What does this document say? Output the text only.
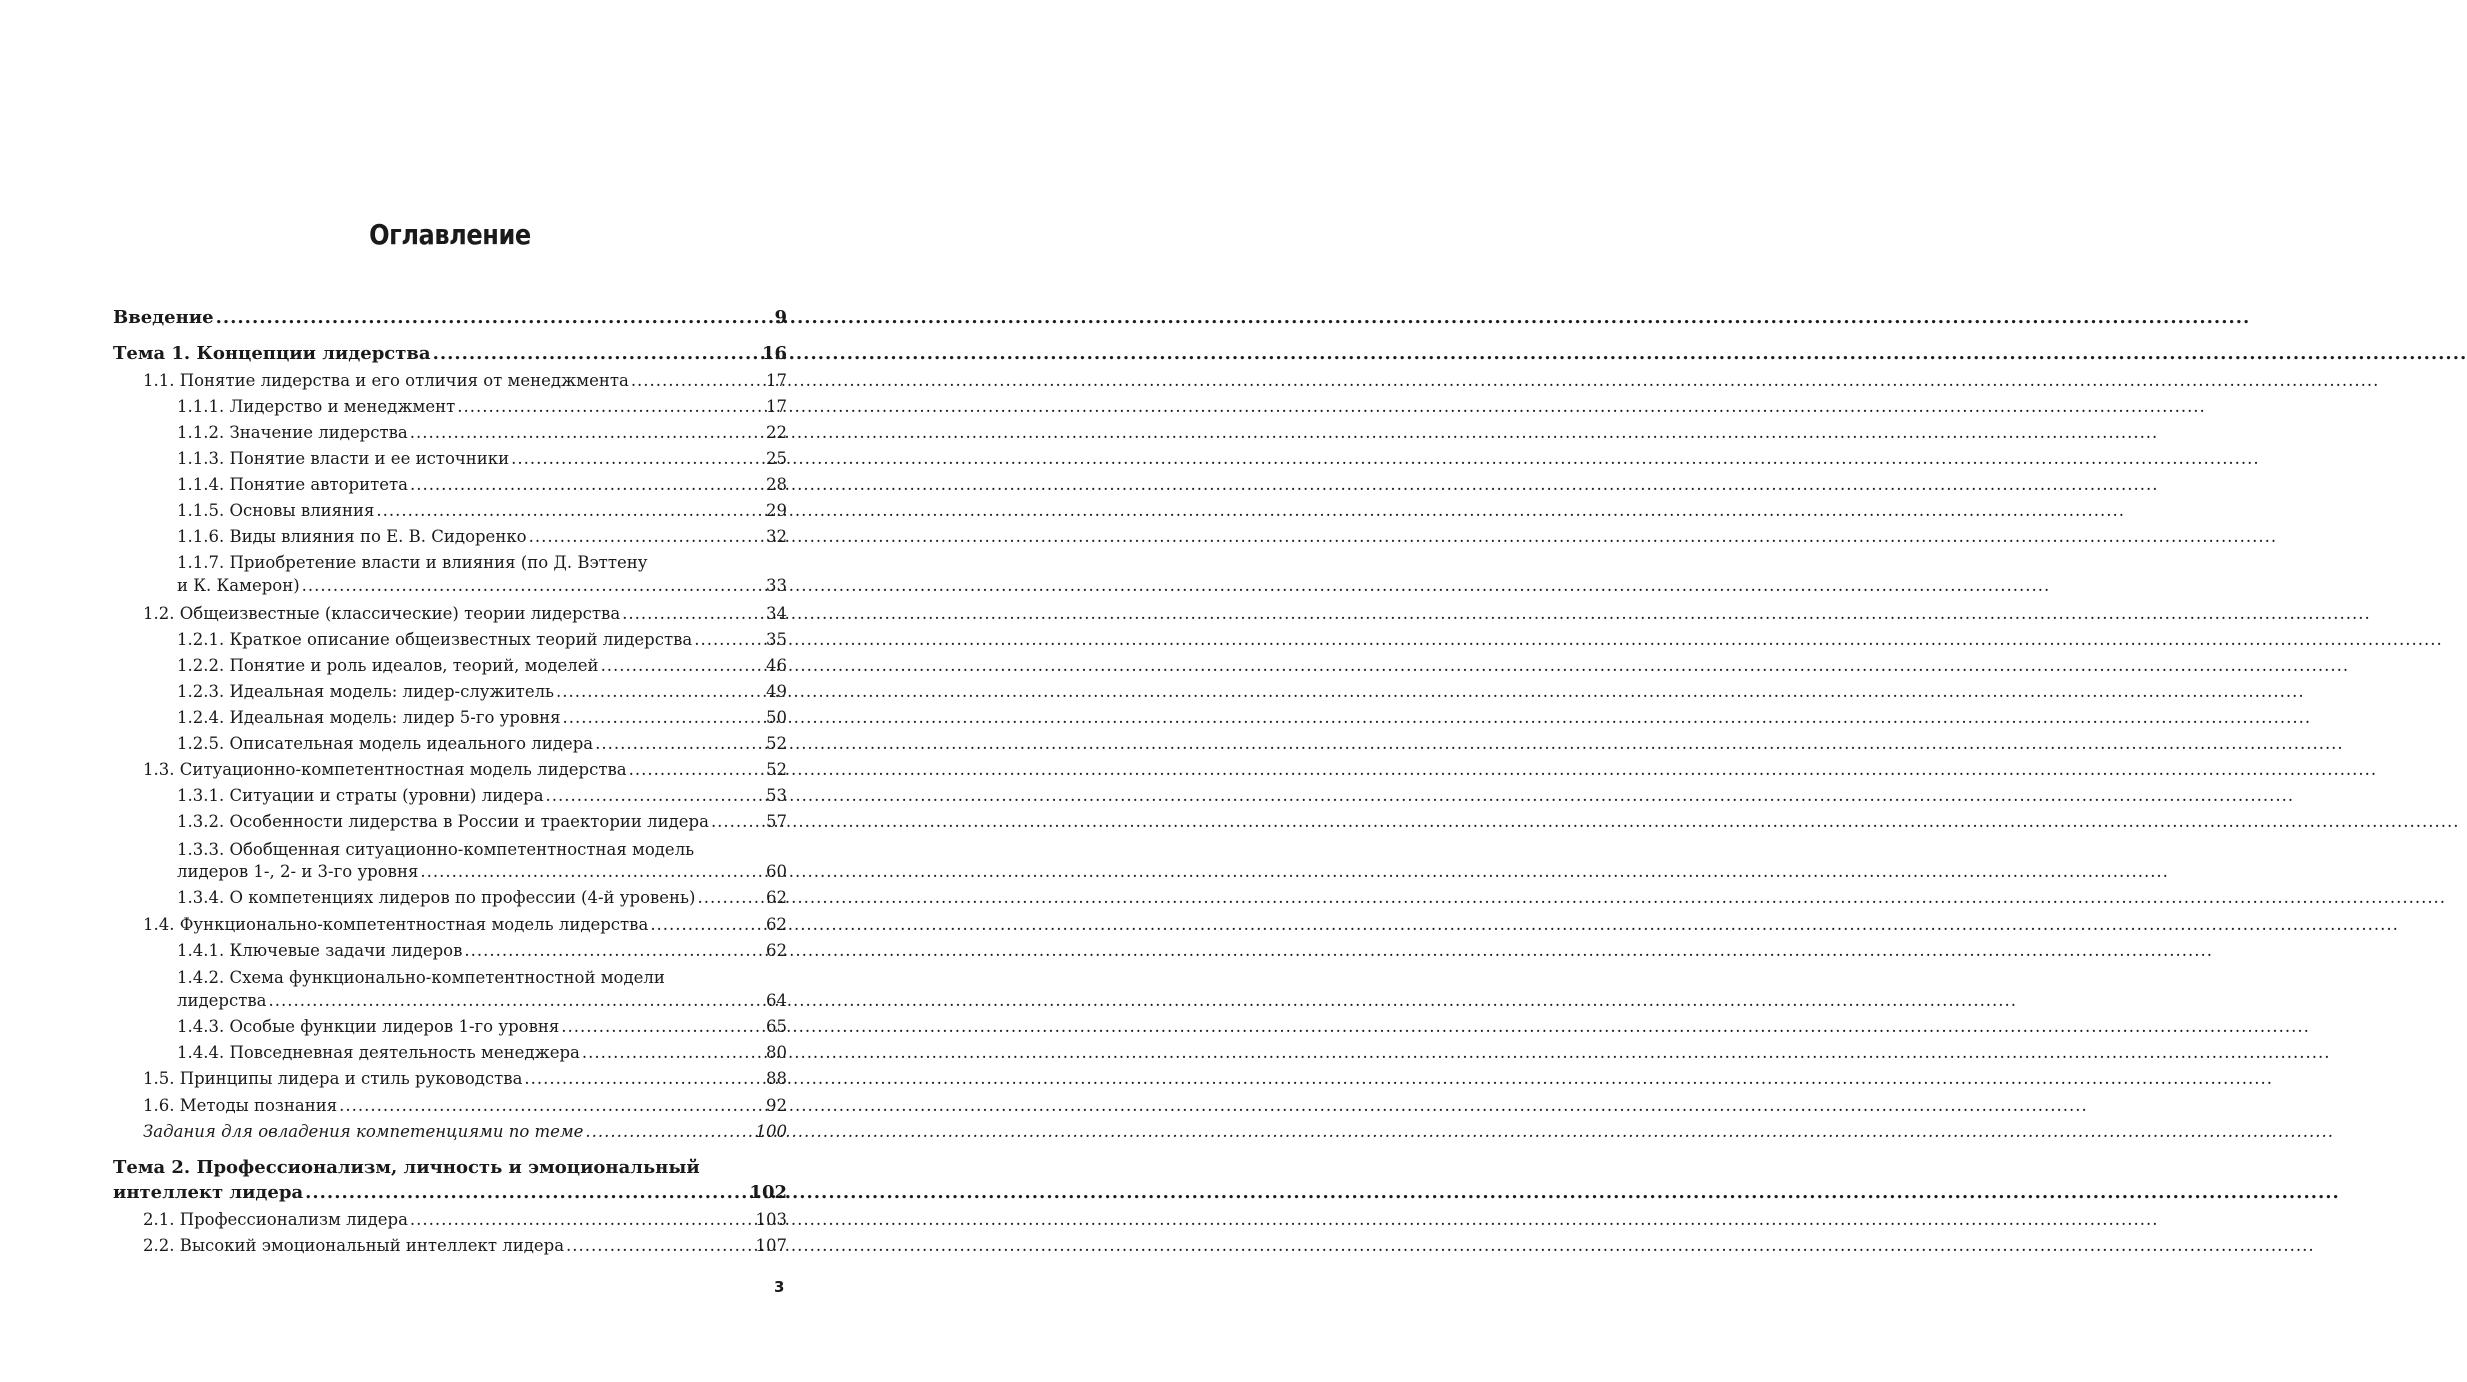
Оглавление
Введение .....	9
Тема 1. Концепции лидерства .....	16
1.1. Понятие лидерства и его отличия от менеджмента .....	17
1.1.1. Лидерство и менеджмент .....	17
1.1.2. Значение лидерства .....	22
1.1.3. Понятие власти и ее источники .....	25
1.1.4. Понятие авторитета .....	28
1.1.5. Основы влияния .....	29
1.1.6. Виды влияния по Е. В. Сидоренко .....	32
1.1.7. Приобретение власти и влияния (по Д. Вэттену
и К. Камерон) .....	33
1.2. Общеизвестные (классические) теории лидерства .....	34
1.2.1. Краткое описание общеизвестных теорий лидерства .....	35
1.2.2. Понятие и роль идеалов, теорий, моделей .....	46
1.2.3. Идеальная модель: лидер-служитель .....	49
1.2.4. Идеальная модель: лидер 5-го уровня .....	50
1.2.5. Описательная модель идеального лидера .....	52
1.3. Ситуационно-компетентностная модель лидерства .....	52
1.3.1. Ситуации и страты (уровни) лидера .....	53
1.3.2. Особенности лидерства в России и траектории лидера .....	57
1.3.3. Обобщенная ситуационно-компетентностная модель
лидеров 1-, 2- и 3-го уровня .....	60
1.3.4. О компетенциях лидеров по профессии (4-й уровень) .....	62
1.4. Функционально-компетентностная модель лидерства .....	62
1.4.1. Ключевые задачи лидеров .....	62
1.4.2. Схема функционально-компетентностной модели
лидерства .....	64
1.4.3. Особые функции лидеров 1-го уровня .....	65
1.4.4. Повседневная деятельность менеджера .....	80
1.5. Принципы лидера и стиль руководства .....	88
1.6. Методы познания .....	92
Задания для овладения компетенциями по теме .....	100
Тема 2. Профессионализм, личность и эмоциональный
интеллект лидера .....	102
2.1. Профессионализм лидера .....	103
2.2. Высокий эмоциональный интеллект лидера .....	107
3
